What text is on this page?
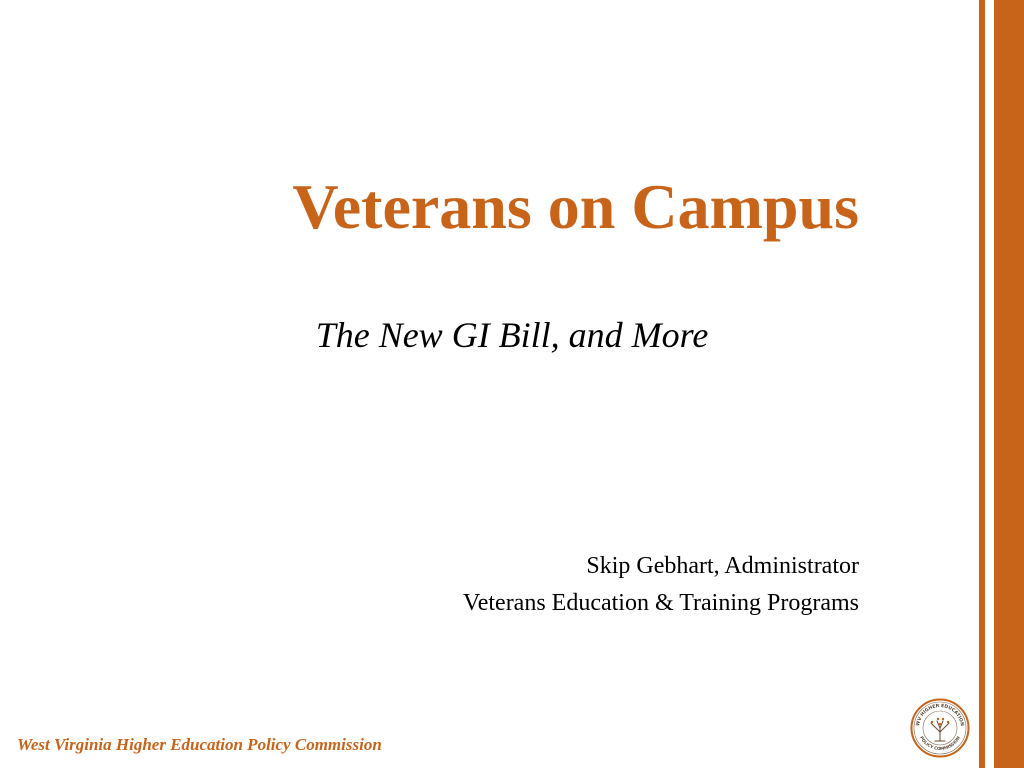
Veterans on Campus
The New GI Bill, and More
Skip Gebhart, Administrator
Veterans Education & Training Programs
West Virginia Higher Education Policy Commission
WV HIGHER EDUCATION
POLICY COMMISSION
